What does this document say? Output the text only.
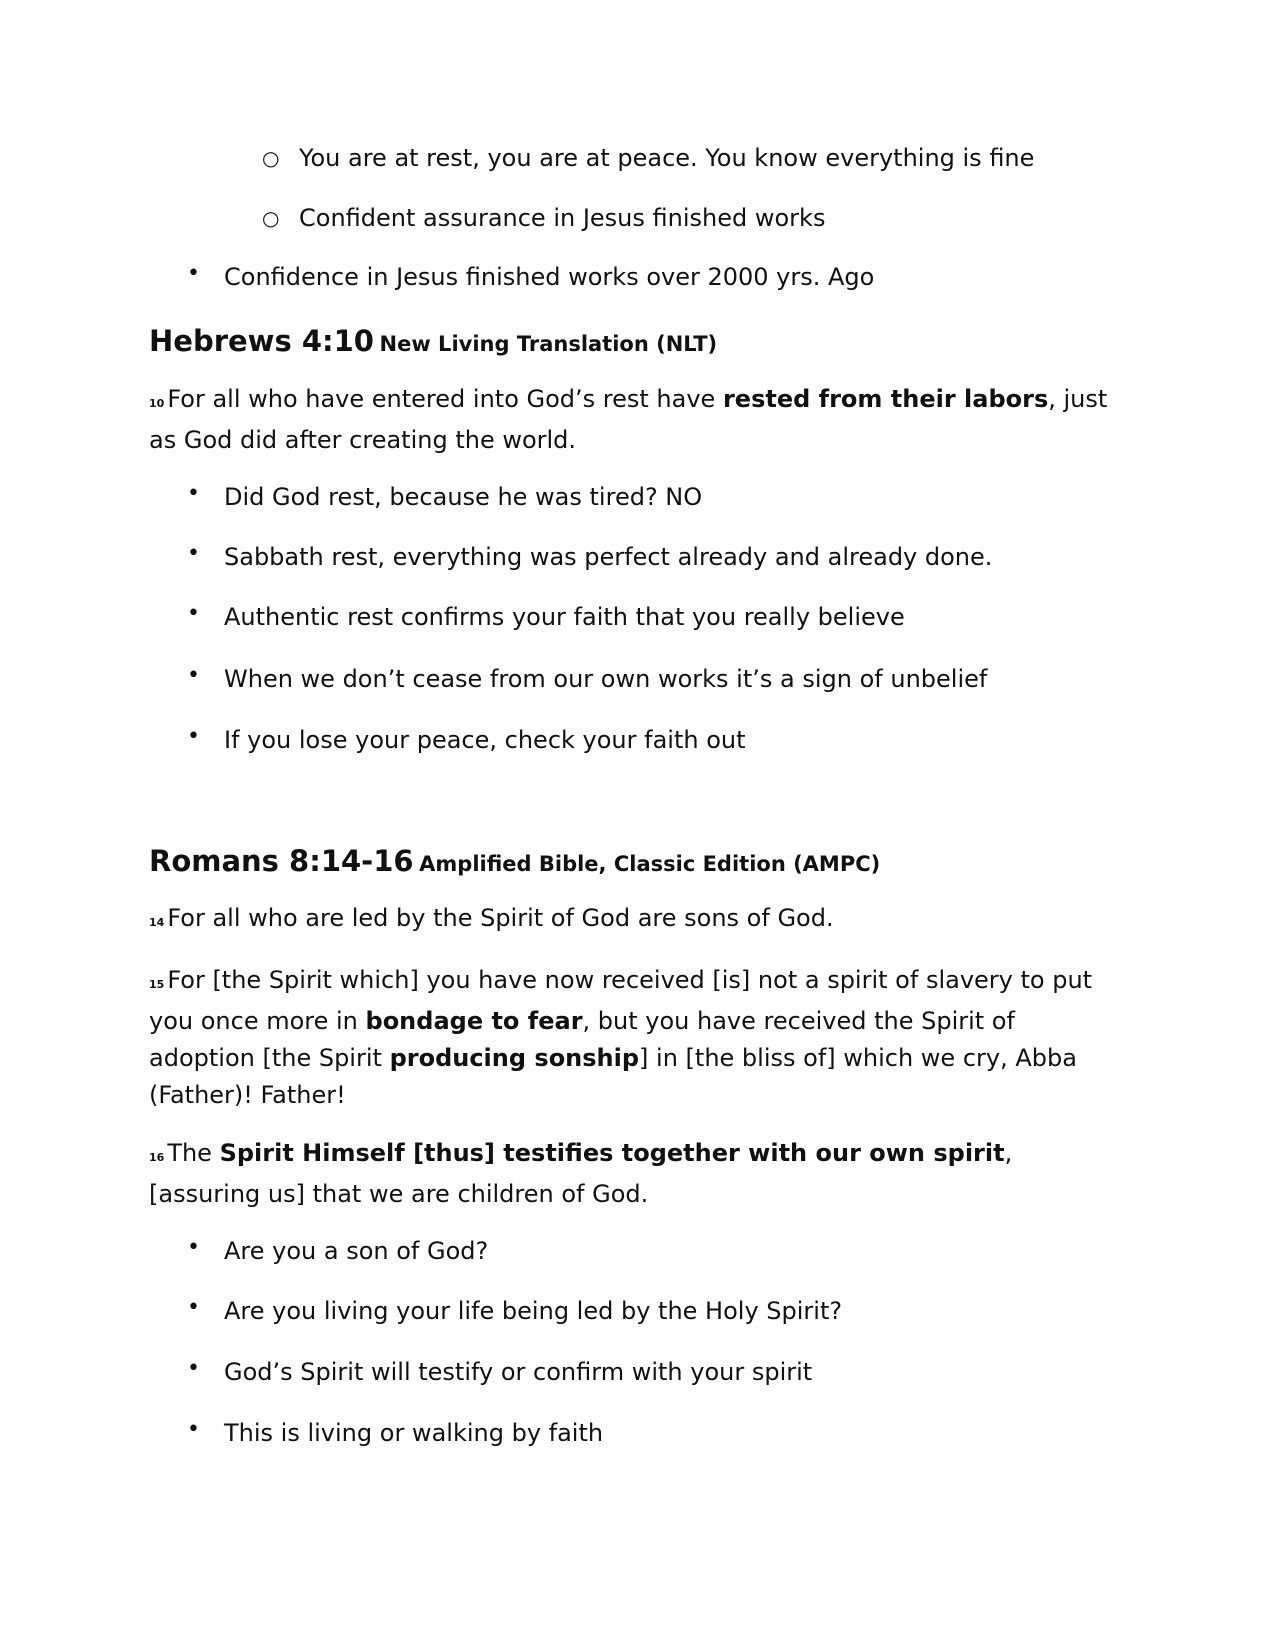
○ You are at rest, you are at peace. You know everything is fine
○ Confident assurance in Jesus finished works
• Confidence in Jesus finished works over 2000 yrs. Ago
Hebrews 4:10 New Living Translation (NLT)
10 For all who have entered into God’s rest have rested from their labors, just as God did after creating the world.
• Did God rest, because he was tired? NO
• Sabbath rest, everything was perfect already and already done.
• Authentic rest confirms your faith that you really believe
• When we don’t cease from our own works it’s a sign of unbelief
• If you lose your peace, check your faith out
Romans 8:14-16 Amplified Bible, Classic Edition (AMPC)
14 For all who are led by the Spirit of God are sons of God.
15 For [the Spirit which] you have now received [is] not a spirit of slavery to put you once more in bondage to fear, but you have received the Spirit of adoption [the Spirit producing sonship] in [the bliss of] which we cry, Abba (Father)! Father!
16 The Spirit Himself [thus] testifies together with our own spirit, [assuring us] that we are children of God.
• Are you a son of God?
• Are you living your life being led by the Holy Spirit?
• God’s Spirit will testify or confirm with your spirit
• This is living or walking by faith
